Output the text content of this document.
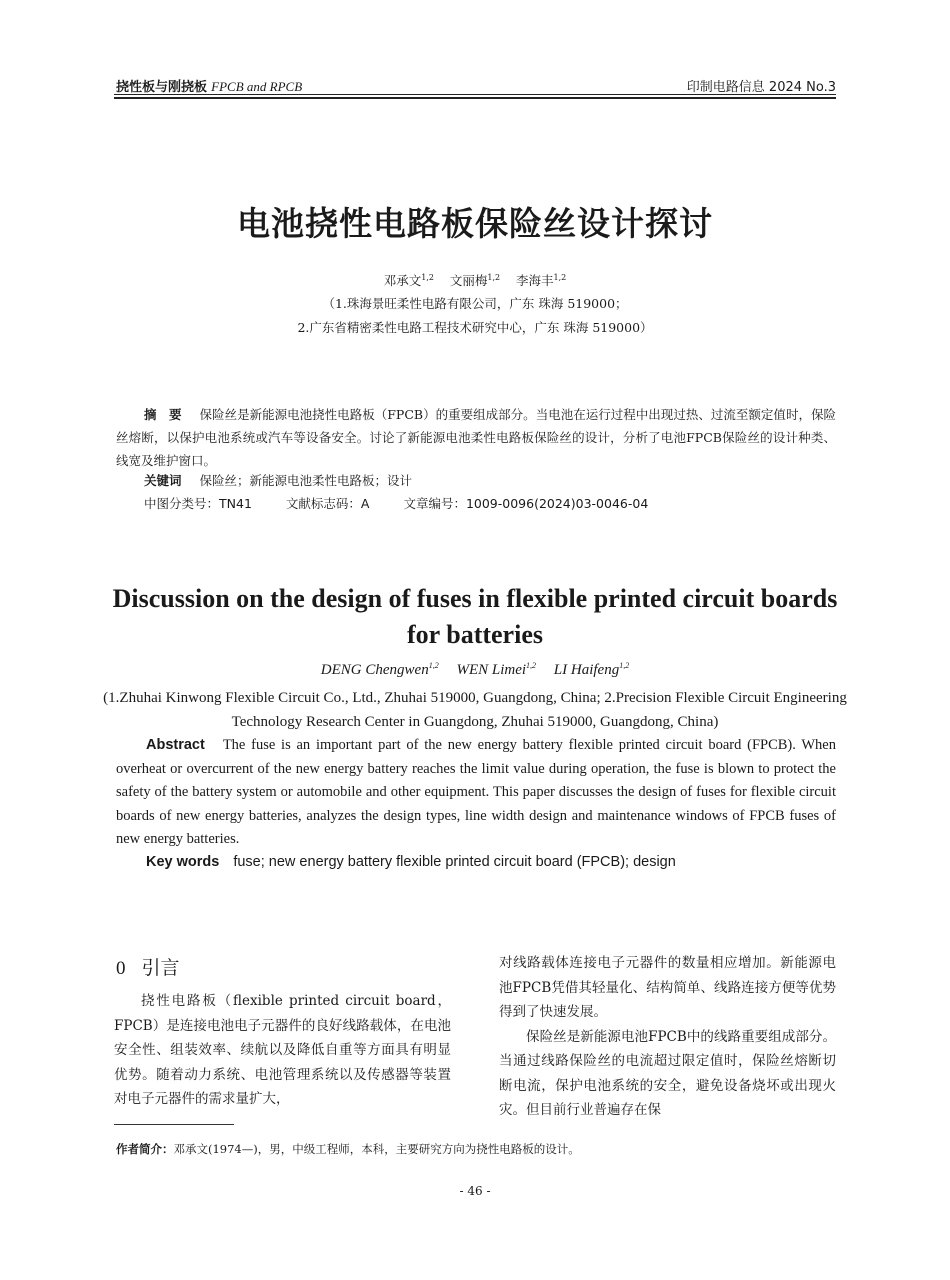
挠性板与刚挠板 FPCB and RPCB	印制电路信息 2024 No.3
电池挠性电路板保险丝设计探讨
邓承文$^{1,2}$ 文丽梅$^{1,2}$ 李海丰$^{1,2}$
（1.珠海景旺柔性电路有限公司，广东 珠海 519000；
2.广东省精密柔性电路工程技术研究中心，广东 珠海 519000）
摘　要 保险丝是新能源电池挠性电路板（FPCB）的重要组成部分。当电池在运行过程中出现过热、过流至额定值时，保险丝熔断，以保护电池系统或汽车等设备安全。讨论了新能源电池柔性电路板保险丝的设计，分析了电池FPCB保险丝的设计种类、线宽及维护窗口。
关键词 保险丝；新能源电池柔性电路板；设计
中图分类号：TN41	文献标志码：A	文章编号：1009-0096(2024)03-0046-04
Discussion on the design of fuses in flexible printed circuit boards for batteries
DENG Chengwen$^{1,2}$ WEN Limei$^{1,2}$ LI Haifeng$^{1,2}$
(1.Zhuhai Kinwong Flexible Circuit Co., Ltd., Zhuhai 519000, Guangdong, China; 2.Precision Flexible Circuit Engineering Technology Research Center in Guangdong, Zhuhai 519000, Guangdong, China)
Abstract The fuse is an important part of the new energy battery flexible printed circuit board (FPCB). When overheat or overcurrent of the new energy battery reaches the limit value during operation, the fuse is blown to protect the safety of the battery system or automobile and other equipment. This paper discusses the design of fuses for flexible circuit boards of new energy batteries, analyzes the design types, line width design and maintenance windows of FPCB fuses of new energy batteries.
Key words fuse; new energy battery flexible printed circuit board (FPCB); design
0 引言

挠性电路板（flexible printed circuit board，FPCB）是连接电池电子元器件的良好线路载体，在电池安全性、组装效率、续航以及降低自重等方面具有明显优势。随着动力系统、电池管理系统以及传感器等装置对电子元器件的需求量扩大，

对线路载体连接电子元器件的数量相应增加。新能源电池FPCB凭借其轻量化、结构简单、线路连接方便等优势得到了快速发展。

保险丝是新能源电池FPCB中的线路重要组成部分。当通过线路保险丝的电流超过限定值时，保险丝熔断切断电流，保护电池系统的安全，避免设备烧坏或出现火灾。但目前行业普遍存在保

作者简介：邓承文(1974—)，男，中级工程师，本科，主要研究方向为挠性电路板的设计。
- 46 -
